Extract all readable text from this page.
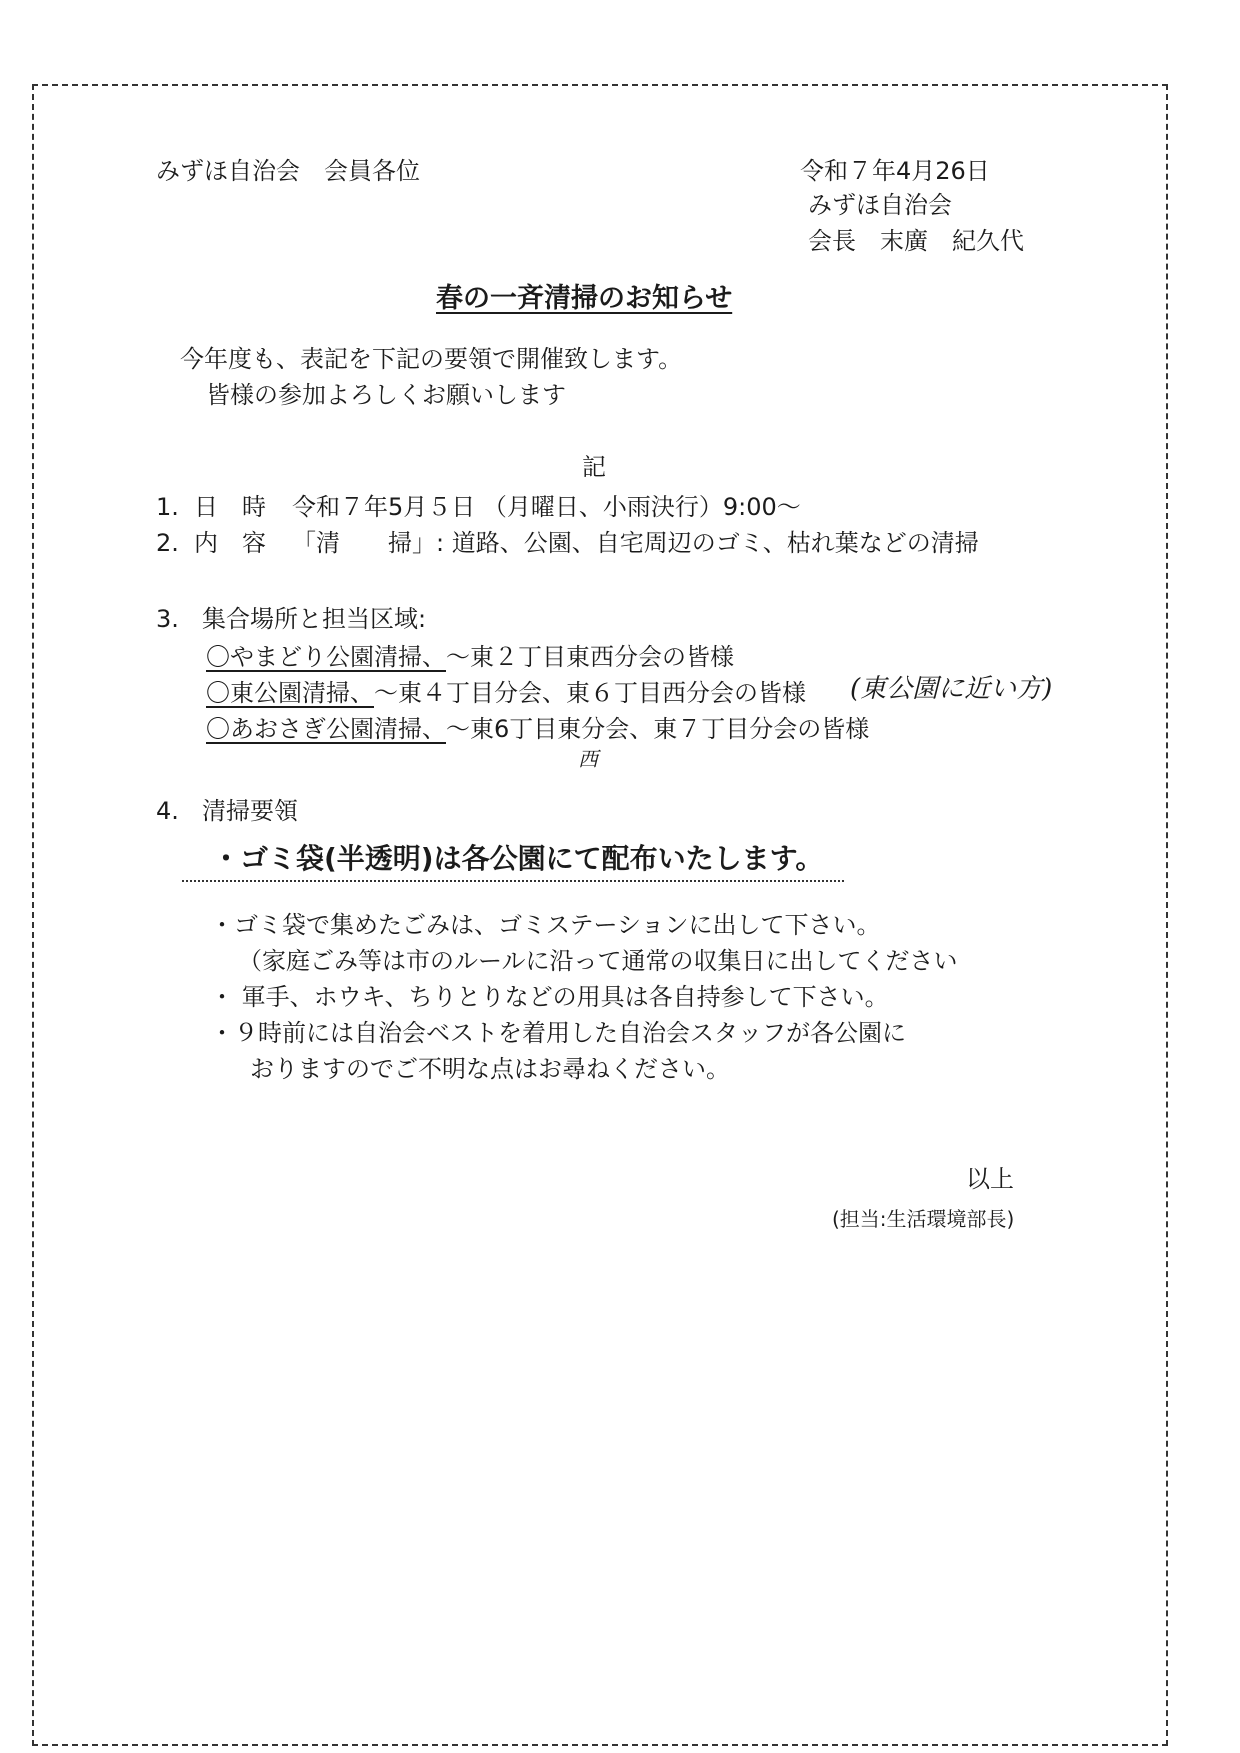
みずほ自治会　会員各位	令和７年4月26日
みずほ自治会
会長　末廣　紀久代
春の一斉清掃のお知らせ
今年度も、表記を下記の要領で開催致します。
皆様の参加よろしくお願いします
記
1. 日　時 令和７年5月５日 （月曜日、小雨決行）9:00～
2. 内　容 「清　　掃」: 道路、公園、自宅周辺のゴミ、枯れ葉などの清掃
3. 集合場所と担当区域:
〇やまどり公園清掃、～東２丁目東西分会の皆様
〇東公園清掃、～東４丁目分会、東６丁目西分会の皆様 (東公園に近い方)
〇あおさぎ公園清掃、～東6丁目東分会、東７丁目分会の皆様
西
4. 清掃要領
・ゴミ袋(半透明)は各公園にて配布いたします。
・ゴミ袋で集めたごみは、ゴミステーションに出して下さい。
（家庭ごみ等は市のルールに沿って通常の収集日に出してください
・ 軍手、ホウキ、ちりとりなどの用具は各自持参して下さい。
・９時前には自治会ベストを着用した自治会スタッフが各公園に
おりますのでご不明な点はお尋ねください。
以上
(担当:生活環境部長)
